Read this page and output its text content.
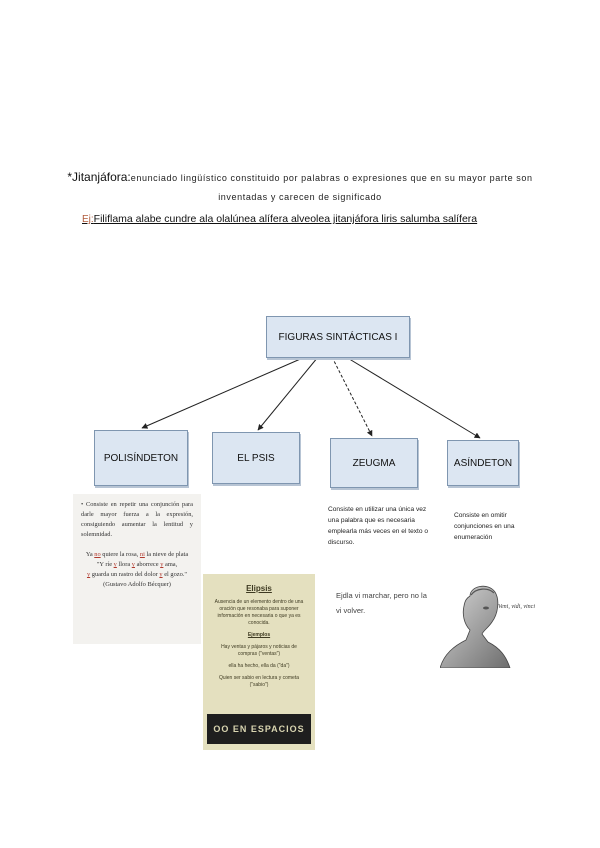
*Jitanjáfora:enunciado lingüístico constituido por palabras o expresiones que en su mayor parte son inventadas y carecen de significado
Ej:Filiflama alabe cundre ala olalúnea alífera alveolea jitanjáfora liris salumba salífera
FIGURAS SINTÁCTICAS I
POLISÍNDETON	EL PSIS	ZEUGMA	ASÍNDETON
• Consiste en repetir una conjunción para darle mayor fuerza a la expresión, consiguiendo aumentar la lentitud y solemnidad.
Ya no quiere la rosa, ni la nieve de plata
"Y ríe y llora y aborrece y ama,
y guarda un rastro del dolor y el gozo."
(Gustavo Adolfo Bécquer)	Elipsis

Ausencia de un elemento dentro de una oración que resonaba para suponer información en necesaria o que ya es conocida.

Ejemplos

Hay ventas y pájaros y noticias de compras ("ventas")

ella ha hecho, ella da ("da")

Quien ser sabio en lectura y cometa ("sabio")

OO EN ESPACIOS
Consiste en utilizar una única vez una palabra que es necesaria emplearla más veces en el texto o discurso.
Consiste en omitir conjunciones en una enumeración
Ejdla vi marchar, pero no la
vi volver.	Veni, vidi, vinci
